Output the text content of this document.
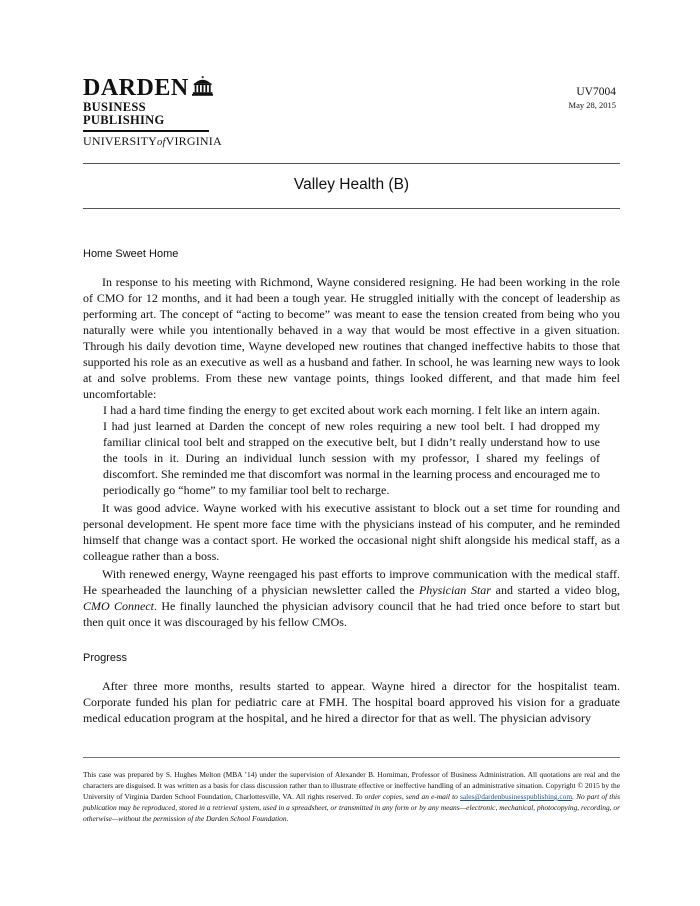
DARDEN
BUSINESS PUBLISHING
UNIVERSITYofVIRGINIA
UV7004
May 28, 2015
Valley Health (B)
Home Sweet Home

In response to his meeting with Richmond, Wayne considered resigning. He had been working in the role of CMO for 12 months, and it had been a tough year. He struggled initially with the concept of leadership as performing art. The concept of “acting to become” was meant to ease the tension created from being who you naturally were while you intentionally behaved in a way that would be most effective in a given situation. Through his daily devotion time, Wayne developed new routines that changed ineffective habits to those that supported his role as an executive as well as a husband and father. In school, he was learning new ways to look at and solve problems. From these new vantage points, things looked different, and that made him feel uncomfortable:

I had a hard time finding the energy to get excited about work each morning. I felt like an intern again. I had just learned at Darden the concept of new roles requiring a new tool belt. I had dropped my familiar clinical tool belt and strapped on the executive belt, but I didn’t really understand how to use the tools in it. During an individual lunch session with my professor, I shared my feelings of discomfort. She reminded me that discomfort was normal in the learning process and encouraged me to periodically go “home” to my familiar tool belt to recharge.

It was good advice. Wayne worked with his executive assistant to block out a set time for rounding and personal development. He spent more face time with the physicians instead of his computer, and he reminded himself that change was a contact sport. He worked the occasional night shift alongside his medical staff, as a colleague rather than a boss.

With renewed energy, Wayne reengaged his past efforts to improve communication with the medical staff. He spearheaded the launching of a physician newsletter called the Physician Star and started a video blog, CMO Connect. He finally launched the physician advisory council that he had tried once before to start but then quit once it was discouraged by his fellow CMOs.

Progress

After three more months, results started to appear. Wayne hired a director for the hospitalist team. Corporate funded his plan for pediatric care at FMH. The hospital board approved his vision for a graduate medical education program at the hospital, and he hired a director for that as well. The physician advisory

This case was prepared by S. Hughes Melton (MBA ’14) under the supervision of Alexander B. Horniman, Professor of Business Administration. All quotations are real and the characters are disguised. It was written as a basis for class discussion rather than to illustrate effective or ineffective handling of an administrative situation. Copyright © 2015 by the University of Virginia Darden School Foundation, Charlottesville, VA. All rights reserved. To order copies, send an e-mail to sales@dardenbusinesspublishing.com. No part of this publication may be reproduced, stored in a retrieval system, used in a spreadsheet, or transmitted in any form or by any means—electronic, mechanical, photocopying, recording, or otherwise—without the permission of the Darden School Foundation.
